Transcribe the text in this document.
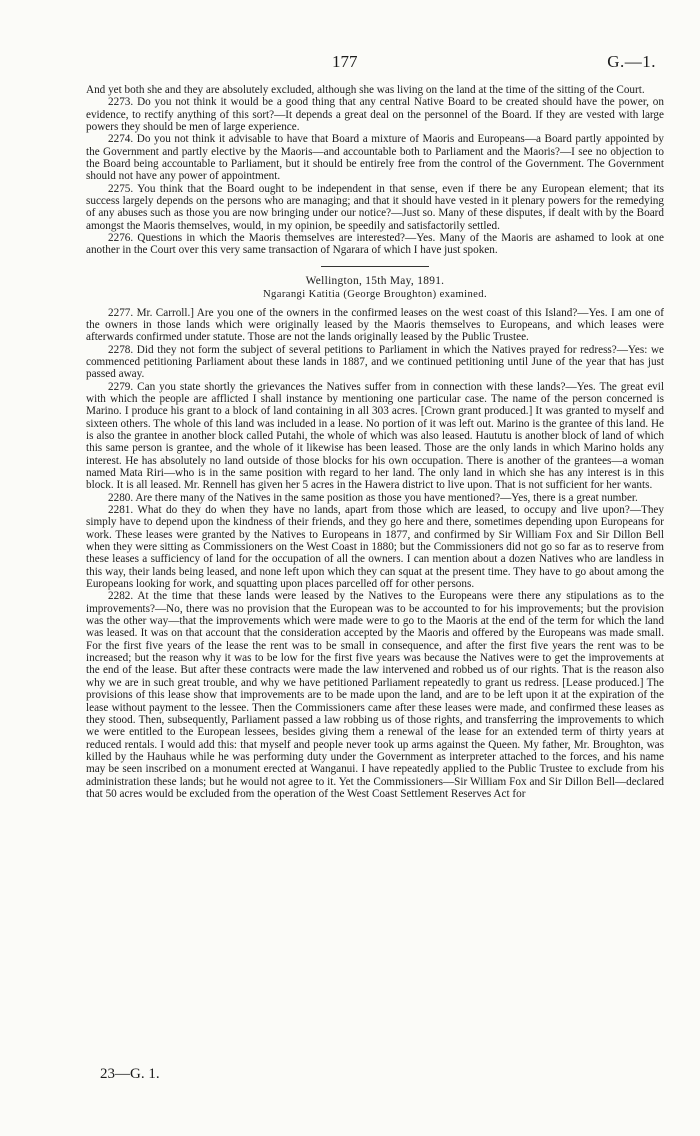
177	G.—1.

And yet both she and they are absolutely excluded, although she was living on the land at the time of the sitting of the Court.

2273. Do you not think it would be a good thing that any central Native Board to be created should have the power, on evidence, to rectify anything of this sort?—It depends a great deal on the personnel of the Board. If they are vested with large powers they should be men of large experience.

2274. Do you not think it advisable to have that Board a mixture of Maoris and Europeans—a Board partly appointed by the Government and partly elective by the Maoris—and accountable both to Parliament and the Maoris?—I see no objection to the Board being accountable to Parliament, but it should be entirely free from the control of the Government. The Government should not have any power of appointment.

2275. You think that the Board ought to be independent in that sense, even if there be any European element; that its success largely depends on the persons who are managing; and that it should have vested in it plenary powers for the remedying of any abuses such as those you are now bringing under our notice?—Just so. Many of these disputes, if dealt with by the Board amongst the Maoris themselves, would, in my opinion, be speedily and satisfactorily settled.

2276. Questions in which the Maoris themselves are interested?—Yes. Many of the Maoris are ashamed to look at one another in the Court over this very same transaction of Ngarara of which I have just spoken.

Wellington, 15th May, 1891.

Ngarangi Katitia (George Broughton) examined.

2277. Mr. Carroll.] Are you one of the owners in the confirmed leases on the west coast of this Island?—Yes. I am one of the owners in those lands which were originally leased by the Maoris themselves to Europeans, and which leases were afterwards confirmed under statute. Those are not the lands originally leased by the Public Trustee.

2278. Did they not form the subject of several petitions to Parliament in which the Natives prayed for redress?—Yes: we commenced petitioning Parliament about these lands in 1887, and we continued petitioning until June of the year that has just passed away.

2279. Can you state shortly the grievances the Natives suffer from in connection with these lands?—Yes. The great evil with which the people are afflicted I shall instance by mentioning one particular case. The name of the person concerned is Marino. I produce his grant to a block of land containing in all 303 acres. [Crown grant produced.] It was granted to myself and sixteen others. The whole of this land was included in a lease. No portion of it was left out. Marino is the grantee of this land. He is also the grantee in another block called Putahi, the whole of which was also leased. Haututu is another block of land of which this same person is grantee, and the whole of it likewise has been leased. Those are the only lands in which Marino holds any interest. He has absolutely no land outside of those blocks for his own occupation. There is another of the grantees—a woman named Mata Riri—who is in the same position with regard to her land. The only land in which she has any interest is in this block. It is all leased. Mr. Rennell has given her 5 acres in the Hawera district to live upon. That is not sufficient for her wants.

2280. Are there many of the Natives in the same position as those you have mentioned?—Yes, there is a great number.

2281. What do they do when they have no lands, apart from those which are leased, to occupy and live upon?—They simply have to depend upon the kindness of their friends, and they go here and there, sometimes depending upon Europeans for work. These leases were granted by the Natives to Europeans in 1877, and confirmed by Sir William Fox and Sir Dillon Bell when they were sitting as Commissioners on the West Coast in 1880; but the Commissioners did not go so far as to reserve from these leases a sufficiency of land for the occupation of all the owners. I can mention about a dozen Natives who are landless in this way, their lands being leased, and none left upon which they can squat at the present time. They have to go about among the Europeans looking for work, and squatting upon places parcelled off for other persons.

2282. At the time that these lands were leased by the Natives to the Europeans were there any stipulations as to the improvements?—No, there was no provision that the European was to be accounted to for his improvements; but the provision was the other way—that the improvements which were made were to go to the Maoris at the end of the term for which the land was leased. It was on that account that the consideration accepted by the Maoris and offered by the Europeans was made small. For the first five years of the lease the rent was to be small in consequence, and after the first five years the rent was to be increased; but the reason why it was to be low for the first five years was because the Natives were to get the improvements at the end of the lease. But after these contracts were made the law intervened and robbed us of our rights. That is the reason also why we are in such great trouble, and why we have petitioned Parliament repeatedly to grant us redress. [Lease produced.] The provisions of this lease show that improvements are to be made upon the land, and are to be left upon it at the expiration of the lease without payment to the lessee. Then the Commissioners came after these leases were made, and confirmed these leases as they stood. Then, subsequently, Parliament passed a law robbing us of those rights, and transferring the improvements to which we were entitled to the European lessees, besides giving them a renewal of the lease for an extended term of thirty years at reduced rentals. I would add this: that myself and people never took up arms against the Queen. My father, Mr. Broughton, was killed by the Hauhaus while he was performing duty under the Government as interpreter attached to the forces, and his name may be seen inscribed on a monument erected at Wanganui. I have repeatedly applied to the Public Trustee to exclude from his administration these lands; but he would not agree to it. Yet the Commissioners—Sir William Fox and Sir Dillon Bell—declared that 50 acres would be excluded from the operation of the West Coast Settlement Reserves Act for

23—G. 1.
